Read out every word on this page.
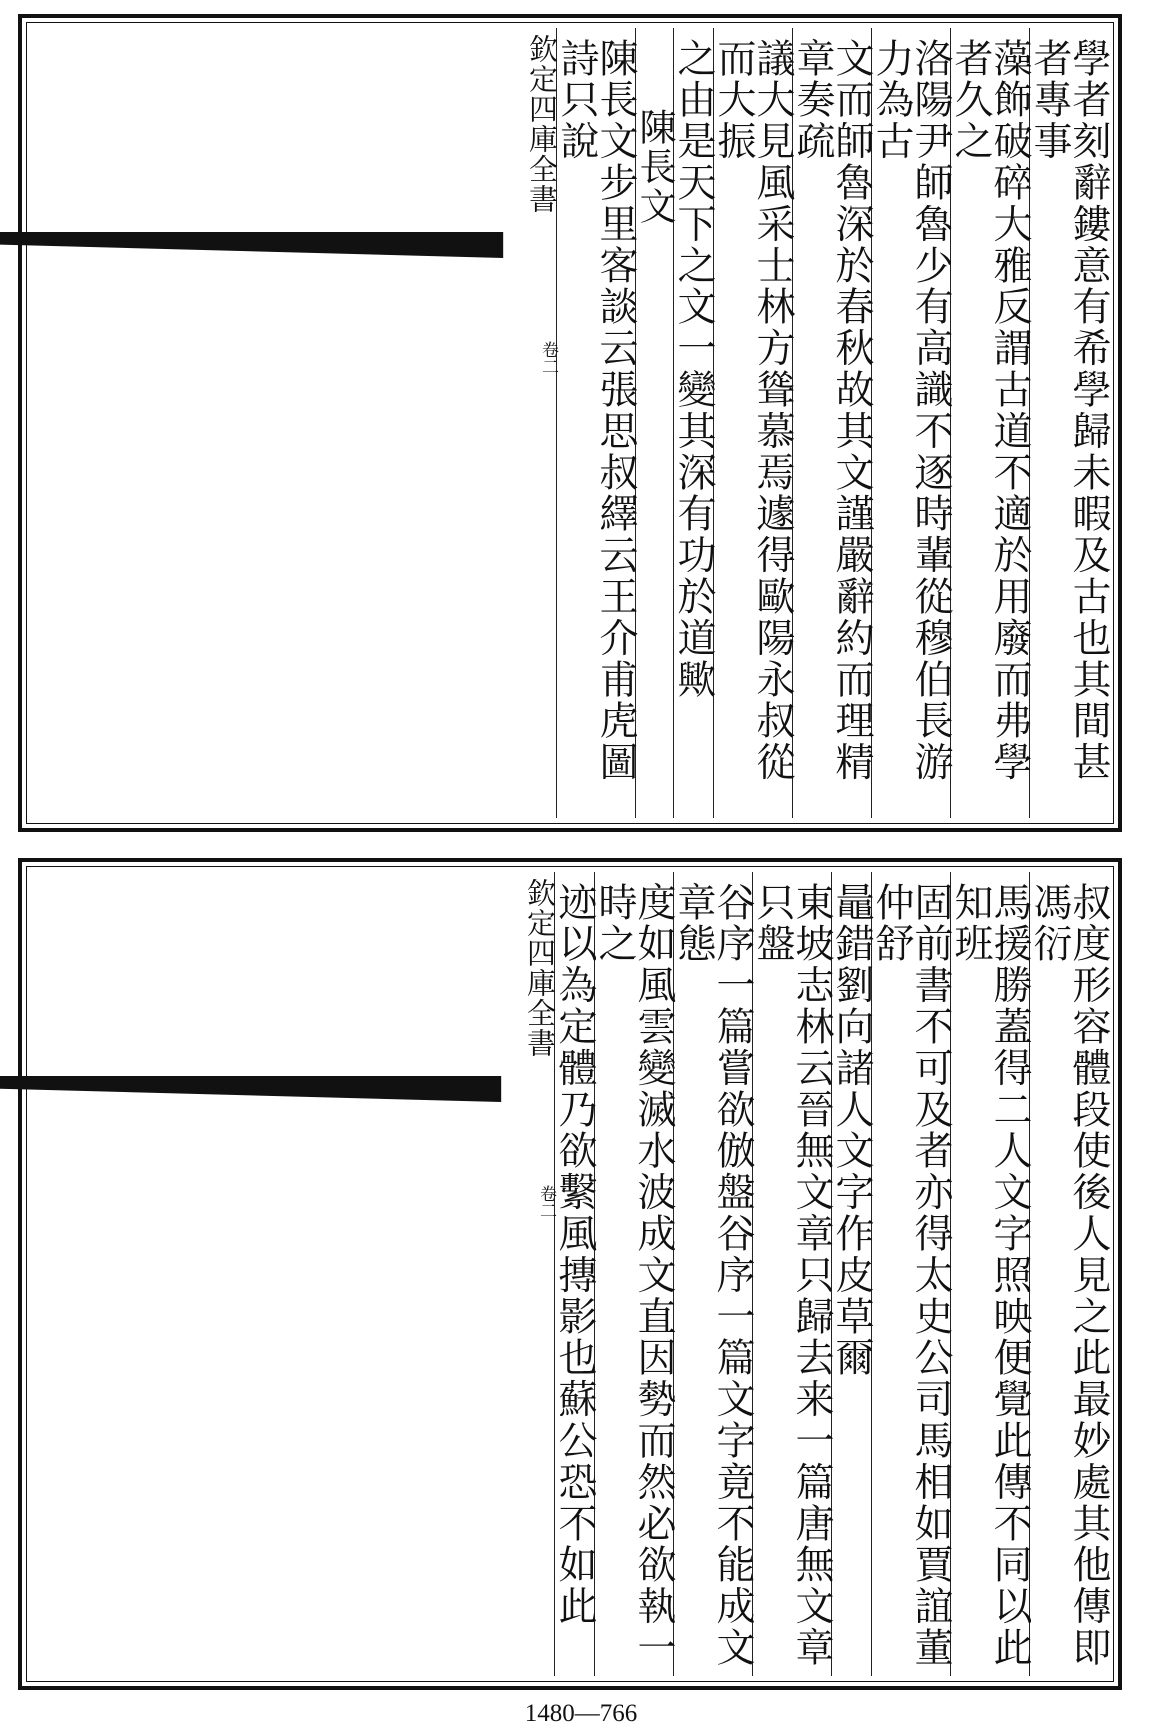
學者刻辭鏤意有希學歸未暇及古也其間甚者專事
藻飾破碎大雅反謂古道不適於用廢而弗學者久之
洛陽尹師魯少有高識不逐時輩從穆伯長游力為古
文而師魯深於春秋故其文謹嚴辭約而理精章奏疏
議大見風采士林方聳慕焉遽得歐陽永叔從而大振
之由是天下之文一變其深有功於道歟
陳長文
陳長文步里客談云張思叔繹云王介甫虎圖詩只說
欽定四庫全書
卷二
叔度形容體段使後人見之此最妙處其他傳即馮衍
馬援勝蓋得二人文字照映便覺此傳不同以此知班
固前書不可及者亦得太史公司馬相如賈誼董仲舒
鼂錯劉向諸人文字作皮草爾
東坡志林云晉無文章只歸去来一篇唐無文章只盤
谷序一篇嘗欲倣盤谷序一篇文字竟不能成文章態
度如風雲變滅水波成文直因勢而然必欲執一時之
迹以為定體乃欲繫風摶影也蘇公恐不如此
欽定四庫全書
卷二
1480—766
